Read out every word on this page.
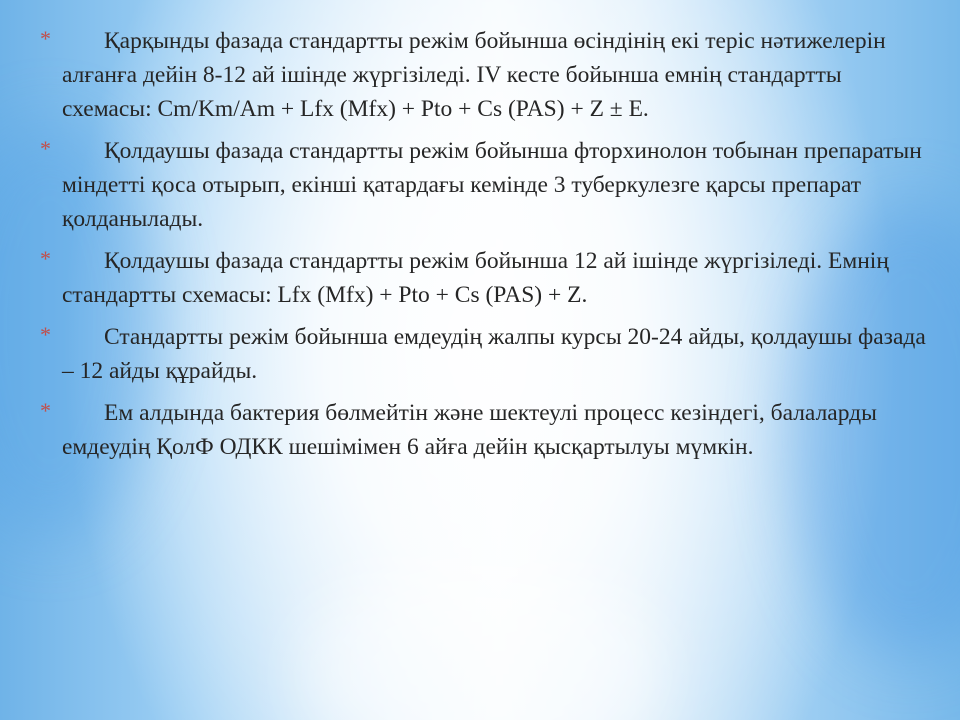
*	Қарқынды фазада стандартты режім бойынша өсіндінің екі теріс нәтижелерін алғанға дейін 8-12 ай ішінде жүргізіледі. IV кесте бойынша емнің стандартты схемасы: Cm/Km/Am + Lfx (Mfx) + Pto + Cs (PAS) + Z ± E.

*	Қолдаушы фазада стандартты режім бойынша фторхинолон тобынан препаратын міндетті қоса отырып, екінші қатардағы кемінде 3 туберкулезге қарсы препарат қолданылады.

*	Қолдаушы фазада стандартты режім бойынша 12 ай ішінде жүргізіледі. Емнің стандартты схемасы: Lfx (Mfx) + Pto + Cs (PAS) + Z.

*	Стандартты режім бойынша емдеудің жалпы курсы 20-24 айды, қолдаушы фазада – 12 айды құрайды.

*	Ем алдында бактерия бөлмейтін және шектеулі процесс кезіндегі, балаларды емдеудің ҚолФ ОДКК шешімімен 6 айға дейін қысқартылуы мүмкін.
